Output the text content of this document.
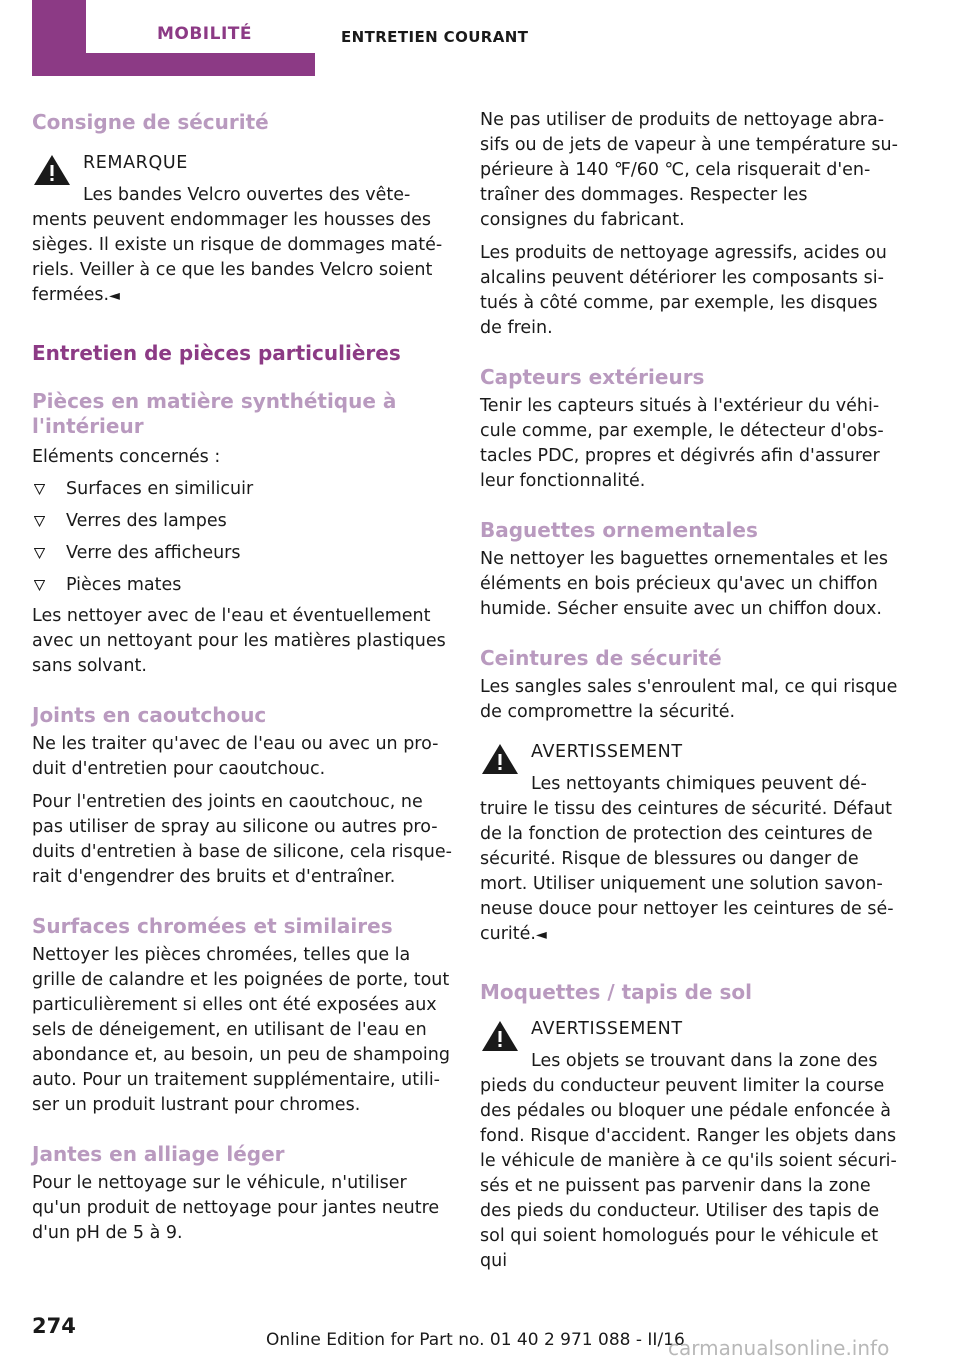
MOBILITÉ	ENTRETIEN COURANT
Consigne de sécurité
REMARQUE
Les bandes Velcro ouvertes des vête-
ments peuvent endommager les housses des sièges. Il existe un risque de dommages maté-riels. Veiller à ce que les bandes Velcro soient fermées.◄
Entretien de pièces particulières
Pièces en matière synthétique à l'intérieur
Eléments concernés :
Surfaces en similicuir
Verres des lampes
Verre des afficheurs
Pièces mates
Les nettoyer avec de l'eau et éventuellement avec un nettoyant pour les matières plastiques sans solvant.
Joints en caoutchouc
Ne les traiter qu'avec de l'eau ou avec un pro-duit d'entretien pour caoutchouc.
Pour l'entretien des joints en caoutchouc, ne pas utiliser de spray au silicone ou autres pro-duits d'entretien à base de silicone, cela risque-rait d'engendrer des bruits et d'entraîner.
Surfaces chromées et similaires
Nettoyer les pièces chromées, telles que la grille de calandre et les poignées de porte, tout particulièrement si elles ont été exposées aux sels de déneigement, en utilisant de l'eau en abondance et, au besoin, un peu de shampoing auto. Pour un traitement supplémentaire, utili-ser un produit lustrant pour chromes.
Jantes en alliage léger
Pour le nettoyage sur le véhicule, n'utiliser qu'un produit de nettoyage pour jantes neutre d'un pH de 5 à 9.
Ne pas utiliser de produits de nettoyage abra-sifs ou de jets de vapeur à une température su-périeure à 140 ℉/60 ℃, cela risquerait d'en-traîner des dommages. Respecter les consignes du fabricant.
Les produits de nettoyage agressifs, acides ou alcalins peuvent détériorer les composants si-tués à côté comme, par exemple, les disques de frein.
Capteurs extérieurs
Tenir les capteurs situés à l'extérieur du véhi-cule comme, par exemple, le détecteur d'obs-tacles PDC, propres et dégivrés afin d'assurer leur fonctionnalité.
Baguettes ornementales
Ne nettoyer les baguettes ornementales et les éléments en bois précieux qu'avec un chiffon humide. Sécher ensuite avec un chiffon doux.
Ceintures de sécurité
Les sangles sales s'enroulent mal, ce qui risque de compromettre la sécurité.
AVERTISSEMENT
Les nettoyants chimiques peuvent dé-
truire le tissu des ceintures de sécurité. Défaut de la fonction de protection des ceintures de sécurité. Risque de blessures ou danger de mort. Utiliser uniquement une solution savon-neuse douce pour nettoyer les ceintures de sé-curité.◄
Moquettes / tapis de sol
AVERTISSEMENT
Les objets se trouvant dans la zone des
pieds du conducteur peuvent limiter la course des pédales ou bloquer une pédale enfoncée à fond. Risque d'accident. Ranger les objets dans le véhicule de manière à ce qu'ils soient sécuri-sés et ne puissent pas parvenir dans la zone des pieds du conducteur. Utiliser des tapis de sol qui soient homologués pour le véhicule et qui
274
Online Edition for Part no. 01 40 2 971 088 - II/16
carmanualsonline.info
